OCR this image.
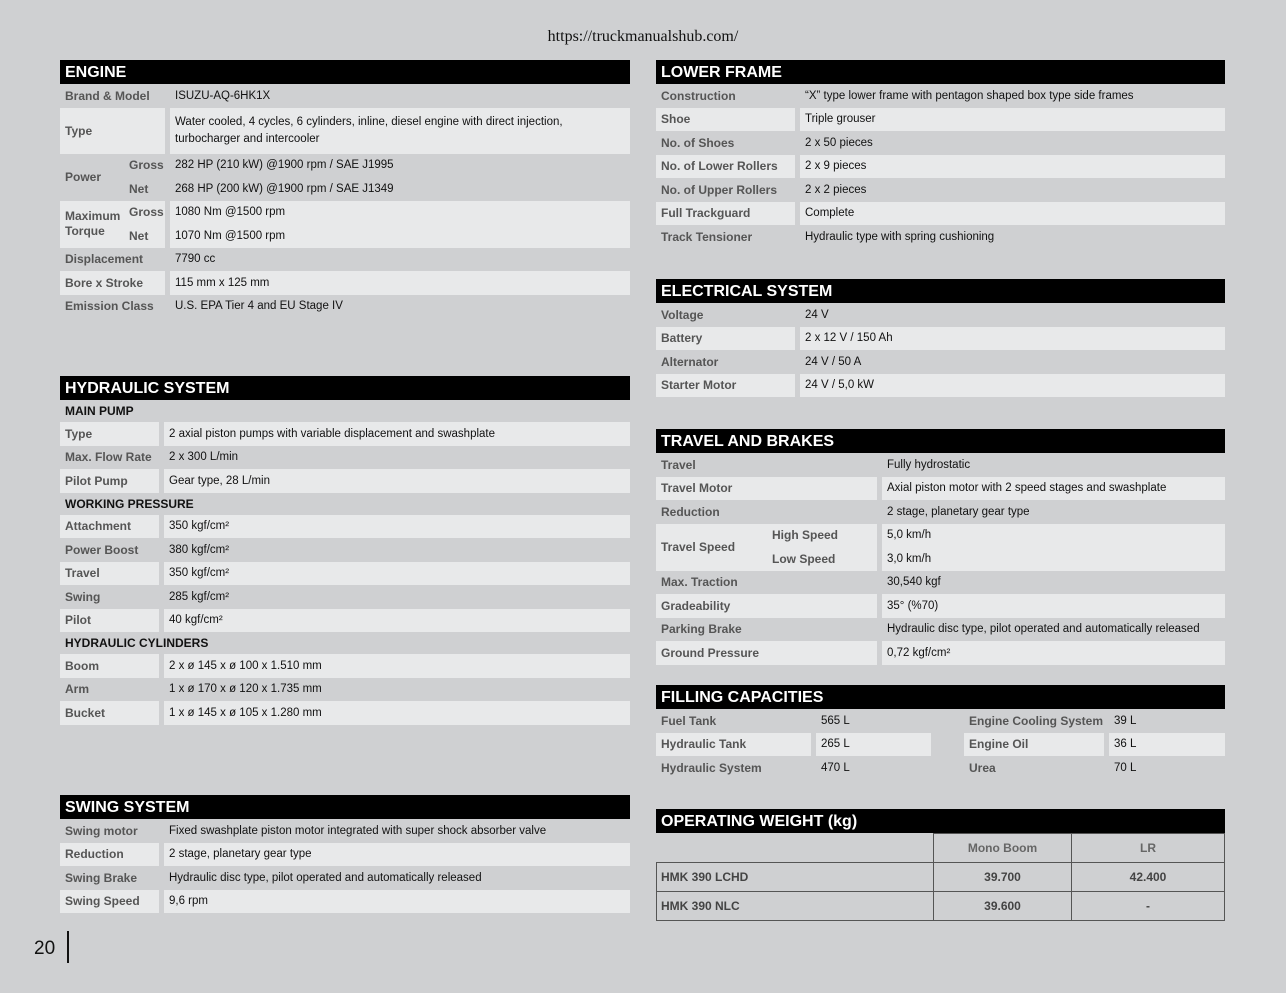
https://truckmanualshub.com/
ENGINE
Brand & Model			ISUZU-AQ-6HK1X
Type			Water cooled, 4 cycles, 6 cylinders, inline, diesel engine with direct injection,
turbocharger and intercooler
Power	Gross		282 HP (210 kW) @1900 rpm / SAE J1995
	Net		268 HP (200 kW) @1900 rpm / SAE J1349
Maximum
Torque	Gross		1080 Nm @1500 rpm
	Net		1070 Nm @1500 rpm
Displacement			7790 cc
Bore x Stroke			115 mm x 125 mm
Emission Class			U.S. EPA Tier 4 and EU Stage IV
HYDRAULIC SYSTEM
MAIN PUMP		
Type		2 axial piston pumps with variable displacement and swashplate
Max. Flow Rate		2 x 300 L/min
Pilot Pump		Gear type, 28 L/min
WORKING PRESSURE		
Attachment		350 kgf/cm²
Power Boost		380 kgf/cm²
Travel		350 kgf/cm²
Swing		285 kgf/cm²
Pilot		40 kgf/cm²
HYDRAULIC CYLINDERS		
Boom		2 x ø 145 x ø 100 x 1.510 mm
Arm		1 x ø 170 x ø 120 x 1.735 mm
Bucket		1 x ø 145 x ø 105 x 1.280 mm
SWING SYSTEM
Swing motor		Fixed swashplate piston motor integrated with super shock absorber valve
Reduction		2 stage, planetary gear type
Swing Brake		Hydraulic disc type, pilot operated and automatically released
Swing Speed		9,6 rpm
LOWER FRAME
Construction		“X” type lower frame with pentagon shaped box type side frames
Shoe		Triple grouser
No. of Shoes		2 x 50 pieces
No. of Lower Rollers		2 x 9 pieces
No. of Upper Rollers		2 x 2 pieces
Full Trackguard		Complete
Track Tensioner		Hydraulic type with spring cushioning
ELECTRICAL SYSTEM
Voltage		24 V
Battery		2 x 12 V / 150 Ah
Alternator		24 V / 50 A
Starter Motor		24 V / 5,0 kW
TRAVEL AND BRAKES
Travel			Fully hydrostatic
Travel Motor			Axial piston motor with 2 speed stages and swashplate
Reduction			2 stage, planetary gear type
Travel Speed	High Speed		5,0 km/h
	Low Speed		3,0 km/h
Max. Traction			30,540 kgf
Gradeability			35° (%70)
Parking Brake			Hydraulic disc type, pilot operated and automatically released
Ground Pressure			0,72 kgf/cm²
FILLING CAPACITIES
Fuel Tank		565 L		Engine Cooling System		39 L
Hydraulic Tank		265 L		Engine Oil		36 L
Hydraulic System		470 L		Urea		70 L
OPERATING WEIGHT (kg)
	Mono Boom	LR
HMK 390 LCHD	39.700	42.400
HMK 390 NLC	39.600	-
20
